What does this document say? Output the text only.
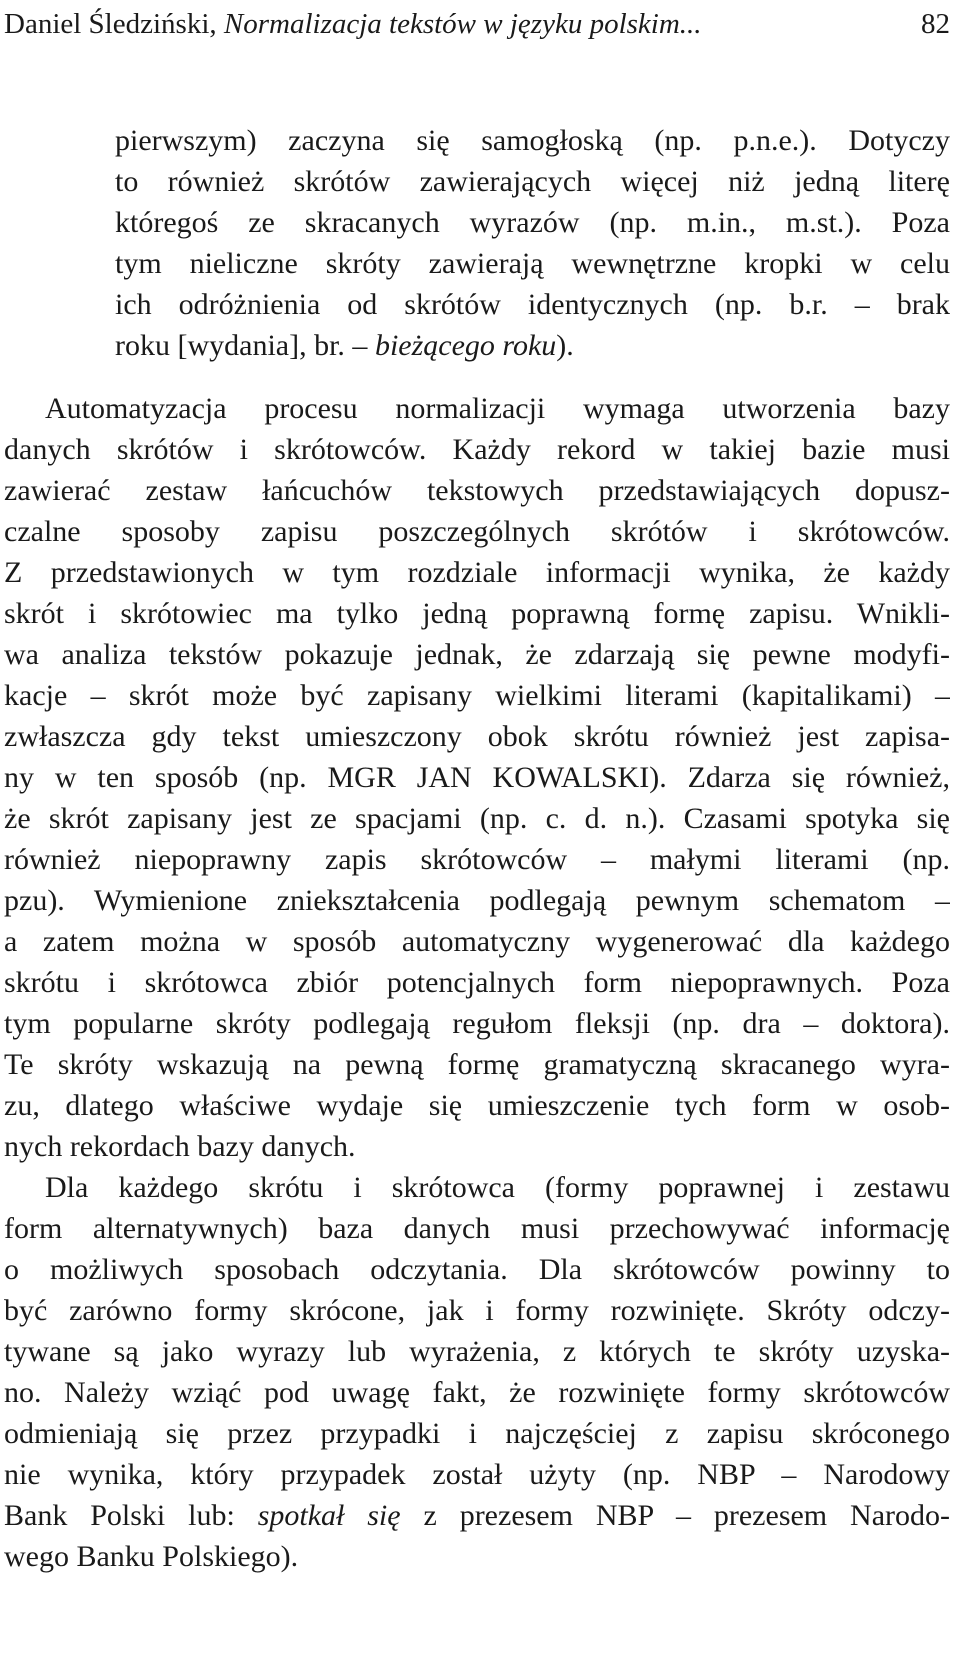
Daniel Śledziński, Normalizacja tekstów w języku polskim...	82
pierwszym) zaczyna się samogłoską (np. p.n.e.). Dotyczy
to również skrótów zawierających więcej niż jedną literę
któregoś ze skracanych wyrazów (np. m.in., m.st.). Poza
tym nieliczne skróty zawierają wewnętrzne kropki w celu
ich odróżnienia od skrótów identycznych (np. b.r. – brak
roku [wydania], br. – bieżącego roku).
Automatyzacja procesu normalizacji wymaga utworzenia bazy
danych skrótów i skrótowców. Każdy rekord w takiej bazie musi
zawierać zestaw łańcuchów tekstowych przedstawiających dopusz-
czalne sposoby zapisu poszczególnych skrótów i skrótowców.
Z przedstawionych w tym rozdziale informacji wynika, że każdy
skrót i skrótowiec ma tylko jedną poprawną formę zapisu. Wnikli-
wa analiza tekstów pokazuje jednak, że zdarzają się pewne modyfi-
kacje – skrót może być zapisany wielkimi literami (kapitalikami) –
zwłaszcza gdy tekst umieszczony obok skrótu również jest zapisa-
ny w ten sposób (np. MGR JAN KOWALSKI). Zdarza się również,
że skrót zapisany jest ze spacjami (np. c. d. n.). Czasami spotyka się
również niepoprawny zapis skrótowców – małymi literami (np.
pzu). Wymienione zniekształcenia podlegają pewnym schematom –
a zatem można w sposób automatyczny wygenerować dla każdego
skrótu i skrótowca zbiór potencjalnych form niepoprawnych. Poza
tym popularne skróty podlegają regułom fleksji (np. dra – doktora).
Te skróty wskazują na pewną formę gramatyczną skracanego wyra-
zu, dlatego właściwe wydaje się umieszczenie tych form w osob-
nych rekordach bazy danych.
Dla każdego skrótu i skrótowca (formy poprawnej i zestawu
form alternatywnych) baza danych musi przechowywać informację
o możliwych sposobach odczytania. Dla skrótowców powinny to
być zarówno formy skrócone, jak i formy rozwinięte. Skróty odczy-
tywane są jako wyrazy lub wyrażenia, z których te skróty uzyska-
no. Należy wziąć pod uwagę fakt, że rozwinięte formy skrótowców
odmieniają się przez przypadki i najczęściej z zapisu skróconego
nie wynika, który przypadek został użyty (np. NBP – Narodowy
Bank Polski lub: spotkał się z prezesem NBP – prezesem Narodo-
wego Banku Polskiego).
